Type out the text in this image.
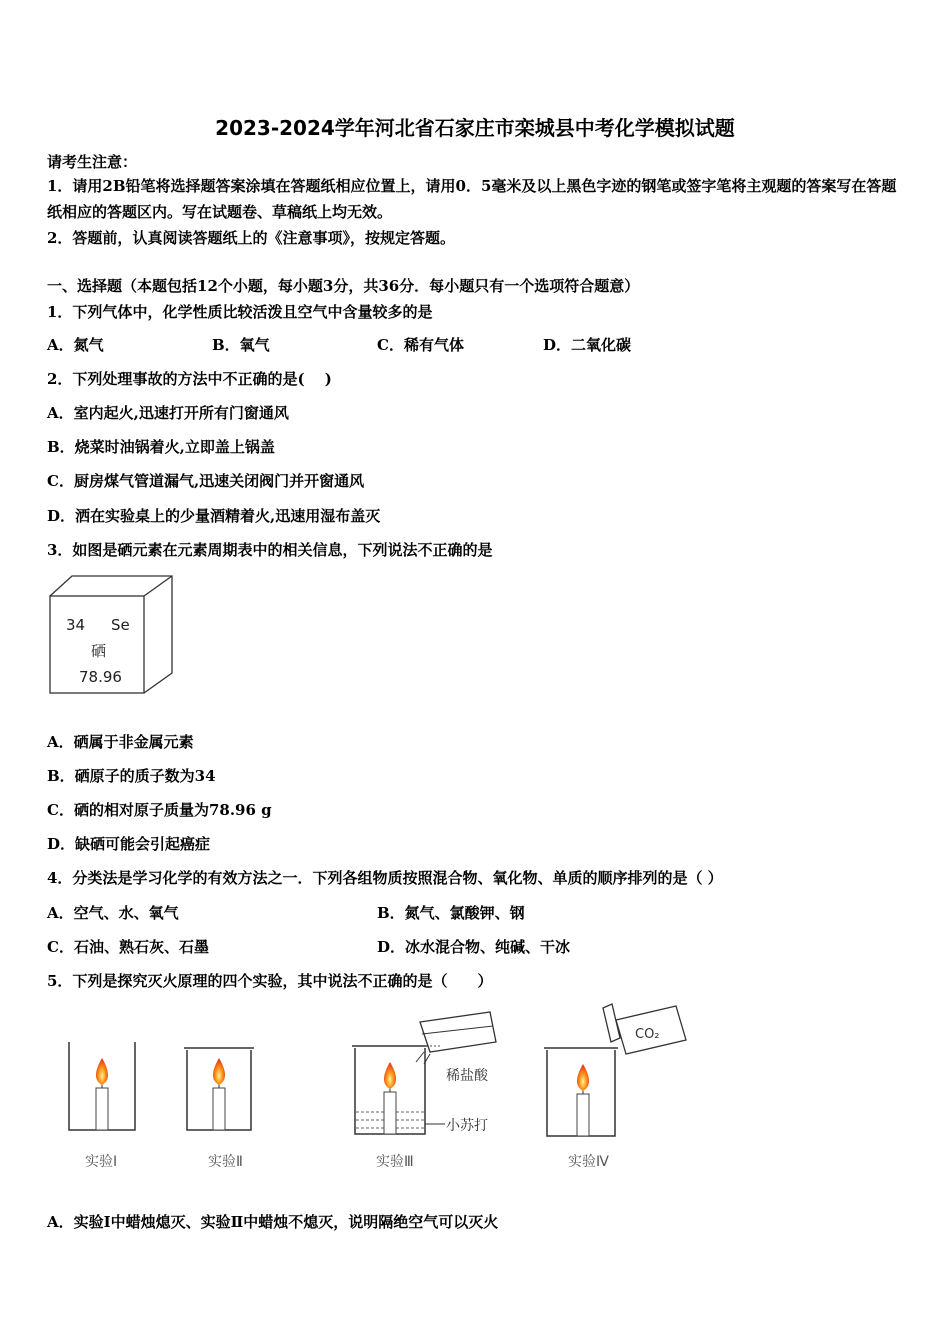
2023-2024学年河北省石家庄市栾城县中考化学模拟试题
请考生注意：
1．请用2B铅笔将选择题答案涂填在答题纸相应位置上，请用0．5毫米及以上黑色字迹的钢笔或签字笔将主观题的答案写在答题纸相应的答题区内。写在试题卷、草稿纸上均无效。
2．答题前，认真阅读答题纸上的《注意事项》，按规定答题。
一、选择题（本题包括12个小题，每小题3分，共36分．每小题只有一个选项符合题意）
1．下列气体中，化学性质比较活泼且空气中含量较多的是
A．氮气	B．氧气	C．稀有气体	D．二氧化碳
2．下列处理事故的方法中不正确的是(　 )
A．室内起火,迅速打开所有门窗通风
B．烧菜时油锅着火,立即盖上锅盖
C．厨房煤气管道漏气,迅速关闭阀门并开窗通风
D．洒在实验桌上的少量酒精着火,迅速用湿布盖灭
3．如图是硒元素在元素周期表中的相关信息，下列说法不正确的是
34 Se
硒
78.96
A．硒属于非金属元素
B．硒原子的质子数为34
C．硒的相对原子质量为78.96 g
D．缺硒可能会引起癌症
4．分类法是学习化学的有效方法之一．下列各组物质按照混合物、氧化物、单质的顺序排列的是（ ）
A．空气、水、氧气	B．氮气、氯酸钾、钢
C．石油、熟石灰、石墨	D．冰水混合物、纯碱、干冰
5．下列是探究灭火原理的四个实验，其中说法不正确的是（　　）
实验Ⅰ	实验Ⅱ
稀盐酸
小苏打
实验Ⅲ
CO₂
实验Ⅳ
A．实验Ⅰ中蜡烛熄灭、实验Ⅱ中蜡烛不熄灭，说明隔绝空气可以灭火
